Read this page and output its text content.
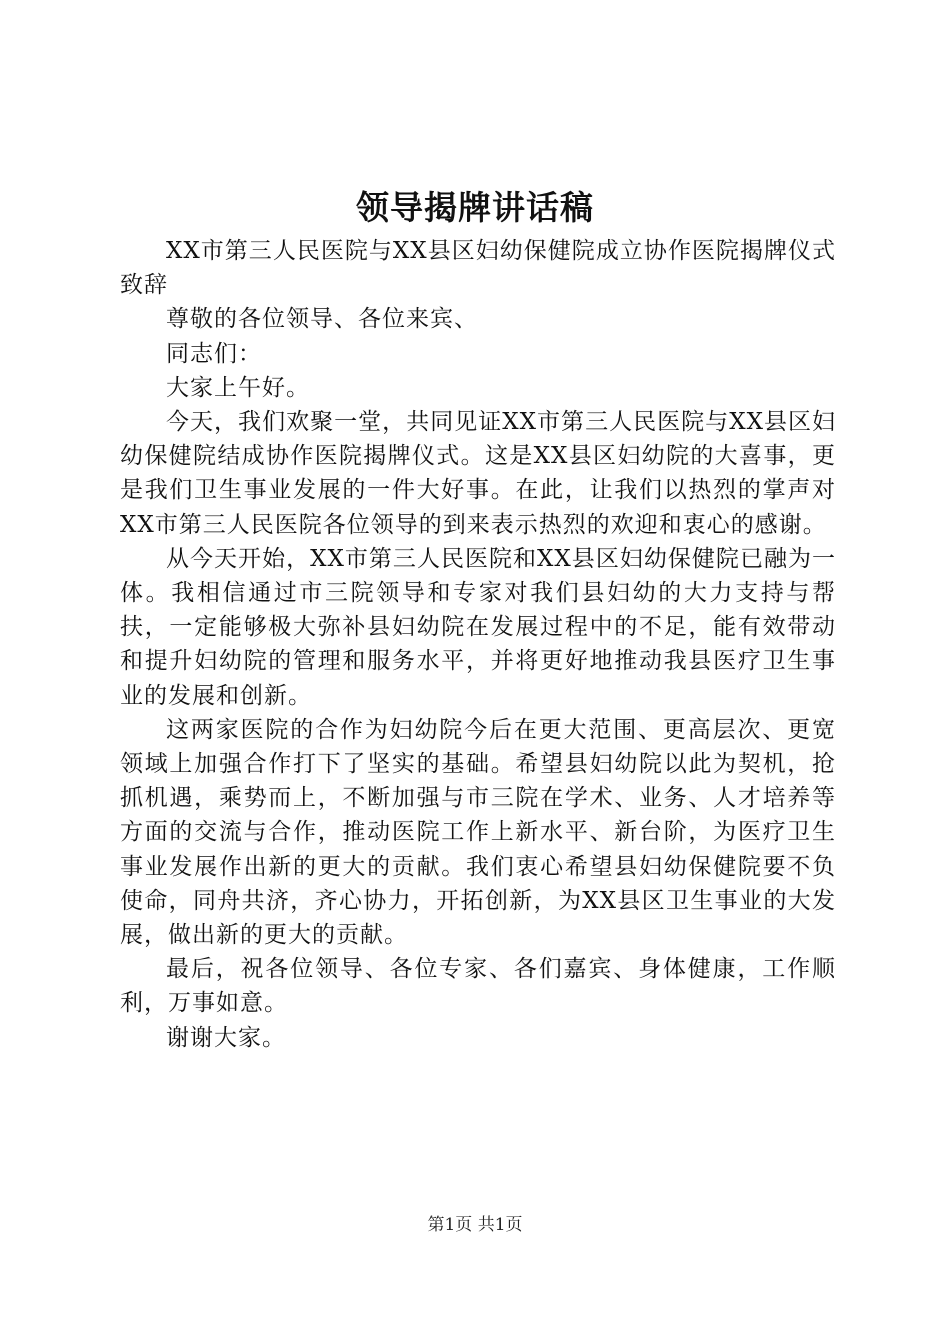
领导揭牌讲话稿

XX市第三人民医院与XX县区妇幼保健院成立协作医院揭牌仪式致辞

尊敬的各位领导、各位来宾、

同志们：

大家上午好。

今天，我们欢聚一堂，共同见证XX市第三人民医院与XX县区妇幼保健院结成协作医院揭牌仪式。这是XX县区妇幼院的大喜事，更是我们卫生事业发展的一件大好事。在此，让我们以热烈的掌声对XX市第三人民医院各位领导的到来表示热烈的欢迎和衷心的感谢。

从今天开始，XX市第三人民医院和XX县区妇幼保健院已融为一体。我相信通过市三院领导和专家对我们县妇幼的大力支持与帮扶，一定能够极大弥补县妇幼院在发展过程中的不足，能有效带动和提升妇幼院的管理和服务水平，并将更好地推动我县医疗卫生事业的发展和创新。

这两家医院的合作为妇幼院今后在更大范围、更高层次、更宽领域上加强合作打下了坚实的基础。希望县妇幼院以此为契机，抢抓机遇，乘势而上，不断加强与市三院在学术、业务、人才培养等方面的交流与合作，推动医院工作上新水平、新台阶，为医疗卫生事业发展作出新的更大的贡献。我们衷心希望县妇幼保健院要不负使命，同舟共济，齐心协力，开拓创新，为XX县区卫生事业的大发展，做出新的更大的贡献。

最后，祝各位领导、各位专家、各们嘉宾、身体健康，工作顺利，万事如意。

谢谢大家。

第1页 共1页
